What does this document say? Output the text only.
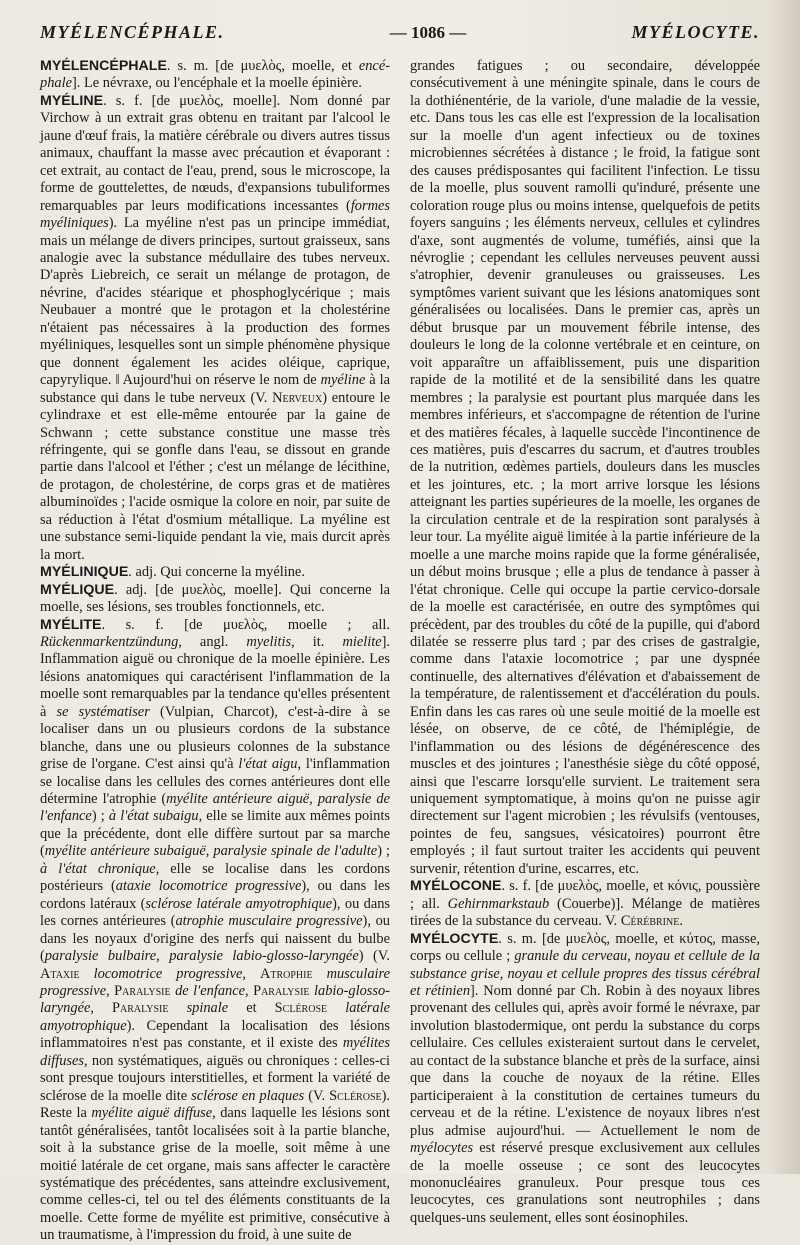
MYÉLENCÉPHALE.	— 1086 —	MYÉLOCYTE.

MYÉLENCÉPHALE. s. m. [de μυελὸς, moelle, et encé-phale]. Le névraxe, ou l'encéphale et la moelle épinière.

MYÉLINE. s. f. [de μυελὸς, moelle]. Nom donné par Virchow à un extrait gras obtenu en traitant par l'alcool le jaune d'œuf frais, la matière cérébrale ou divers autres tissus animaux, chauffant la masse avec précaution et évaporant : cet extrait, au contact de l'eau, prend, sous le microscope, la forme de gouttelettes, de nœuds, d'expansions tubuliformes remarquables par leurs modifications incessantes (formes myéliniques). La myéline n'est pas un principe immédiat, mais un mélange de divers principes, surtout graisseux, sans analogie avec la substance médullaire des tubes nerveux. D'après Liebreich, ce serait un mélange de protagon, de névrine, d'acides stéarique et phosphoglycérique ; mais Neubauer a montré que le protagon et la cholestérine n'étaient pas nécessaires à la production des formes myéliniques, lesquelles sont un simple phénomène physique que donnent également les acides oléique, caprique, capyrylique. ‖ Aujourd'hui on réserve le nom de myéline à la substance qui dans le tube nerveux (V. Nerveux) entoure le cylindraxe et est elle-même entourée par la gaine de Schwann ; cette substance constitue une masse très réfringente, qui se gonfle dans l'eau, se dissout en grande partie dans l'alcool et l'éther ; c'est un mélange de lécithine, de protagon, de cholestérine, de corps gras et de matières albuminoïdes ; l'acide osmique la colore en noir, par suite de sa réduction à l'état d'osmium métallique. La myéline est une substance semi-liquide pendant la vie, mais durcit après la mort.

MYÉLINIQUE. adj. Qui concerne la myéline.

MYÉLIQUE. adj. [de μυελὸς, moelle]. Qui concerne la moelle, ses lésions, ses troubles fonctionnels, etc.

MYÉLITE. s. f. [de μυελὸς, moelle ; all. Rückenmarkentzündung, angl. myelitis, it. mielite]. Inflammation aiguë ou chronique de la moelle épinière. Les lésions anatomiques qui caractérisent l'inflammation de la moelle sont remarquables par la tendance qu'elles présentent à se systématiser (Vulpian, Charcot), c'est-à-dire à se localiser dans un ou plusieurs cordons de la substance blanche, dans une ou plusieurs colonnes de la substance grise de l'organe. C'est ainsi qu'à l'état aigu, l'inflammation se localise dans les cellules des cornes antérieures dont elle détermine l'atrophie (myélite antérieure aiguë, paralysie de l'enfance) ; à l'état subaigu, elle se limite aux mêmes points que la précédente, dont elle diffère surtout par sa marche (myélite antérieure subaiguë, paralysie spinale de l'adulte) ; à l'état chronique, elle se localise dans les cordons postérieurs (ataxie locomotrice progressive), ou dans les cordons latéraux (sclérose latérale amyotrophique), ou dans les cornes antérieures (atrophie musculaire progressive), ou dans les noyaux d'origine des nerfs qui naissent du bulbe (paralysie bulbaire, paralysie labio-glosso-laryngée) (V. Ataxie locomotrice progressive, Atrophie musculaire progressive, Paralysie de l'enfance, Paralysie labio-glosso-laryngée, Paralysie spinale et Sclérose latérale amyotrophique). Cependant la localisation des lésions inflammatoires n'est pas constante, et il existe des myélites diffuses, non systématiques, aiguës ou chroniques : celles-ci sont presque toujours interstitielles, et forment la variété de sclérose de la moelle dite sclérose en plaques (V. Sclérose). Reste la myélite aiguë diffuse, dans laquelle les lésions sont tantôt généralisées, tantôt localisées soit à la partie blanche, soit à la substance grise de la moelle, soit même à une moitié latérale de cet organe, mais sans affecter le caractère systématique des précédentes, sans atteindre exclusivement, comme celles-ci, tel ou tel des éléments constituants de la moelle. Cette forme de myélite est primitive, consécutive à un traumatisme, à l'impression du froid, à une suite de

grandes fatigues ; ou secondaire, développée consécutivement à une méningite spinale, dans le cours de la dothiénentérie, de la variole, d'une maladie de la vessie, etc. Dans tous les cas elle est l'expression de la localisation sur la moelle d'un agent infectieux ou de toxines microbiennes sécrétées à distance ; le froid, la fatigue sont des causes prédisposantes qui facilitent l'infection. Le tissu de la moelle, plus souvent ramolli qu'induré, présente une coloration rouge plus ou moins intense, quelquefois de petits foyers sanguins ; les éléments nerveux, cellules et cylindres d'axe, sont augmentés de volume, tuméfiés, ainsi que la névroglie ; cependant les cellules nerveuses peuvent aussi s'atrophier, devenir granuleuses ou graisseuses. Les symptômes varient suivant que les lésions anatomiques sont généralisées ou localisées. Dans le premier cas, après un début brusque par un mouvement fébrile intense, des douleurs le long de la colonne vertébrale et en ceinture, on voit apparaître un affaiblissement, puis une disparition rapide de la motilité et de la sensibilité dans les quatre membres ; la paralysie est pourtant plus marquée dans les membres inférieurs, et s'accompagne de rétention de l'urine et des matières fécales, à laquelle succède l'incontinence de ces matières, puis d'escarres du sacrum, et d'autres troubles de la nutrition, œdèmes partiels, douleurs dans les muscles et les jointures, etc. ; la mort arrive lorsque les lésions atteignant les parties supérieures de la moelle, les organes de la circulation centrale et de la respiration sont paralysés à leur tour. La myélite aiguë limitée à la partie inférieure de la moelle a une marche moins rapide que la forme généralisée, un début moins brusque ; elle a plus de tendance à passer à l'état chronique. Celle qui occupe la partie cervico-dorsale de la moelle est caractérisée, en outre des symptômes qui précèdent, par des troubles du côté de la pupille, qui d'abord dilatée se resserre plus tard ; par des crises de gastralgie, comme dans l'ataxie locomotrice ; par une dyspnée continuelle, des alternatives d'élévation et d'abaissement de la température, de ralentissement et d'accélération du pouls. Enfin dans les cas rares où une seule moitié de la moelle est lésée, on observe, de ce côté, de l'hémiplégie, de l'inflammation ou des lésions de dégénérescence des muscles et des jointures ; l'anesthésie siège du côté opposé, ainsi que l'escarre lorsqu'elle survient. Le traitement sera uniquement symptomatique, à moins qu'on ne puisse agir directement sur l'agent microbien ; les révulsifs (ventouses, pointes de feu, sangsues, vésicatoires) pourront être employés ; il faut surtout traiter les accidents qui peuvent survenir, rétention d'urine, escarres, etc.

MYÉLOCONE. s. f. [de μυελὸς, moelle, et κόνις, poussière ; all. Gehirnmarkstaub (Couerbe)]. Mélange de matières tirées de la substance du cerveau. V. Cérébrine.

MYÉLOCYTE. s. m. [de μυελὸς, moelle, et κύτος, masse, corps ou cellule ; granule du cerveau, noyau et cellule de la substance grise, noyau et cellule propres des tissus cérébral et rétinien]. Nom donné par Ch. Robin à des noyaux libres provenant des cellules qui, après avoir formé le névraxe, par involution blastodermique, ont perdu la substance du corps cellulaire. Ces cellules existeraient surtout dans le cervelet, au contact de la substance blanche et près de la surface, ainsi que dans la couche de noyaux de la rétine. Elles participeraient à la constitution de certaines tumeurs du cerveau et de la rétine. L'existence de noyaux libres n'est plus admise aujourd'hui. — Actuellement le nom de myélocytes est réservé presque exclusivement aux cellules de la moelle osseuse ; ce sont des leucocytes mononucléaires granuleux. Pour presque tous ces leucocytes, ces granulations sont neutrophiles ; dans quelques-uns seulement, elles sont éosinophiles.
